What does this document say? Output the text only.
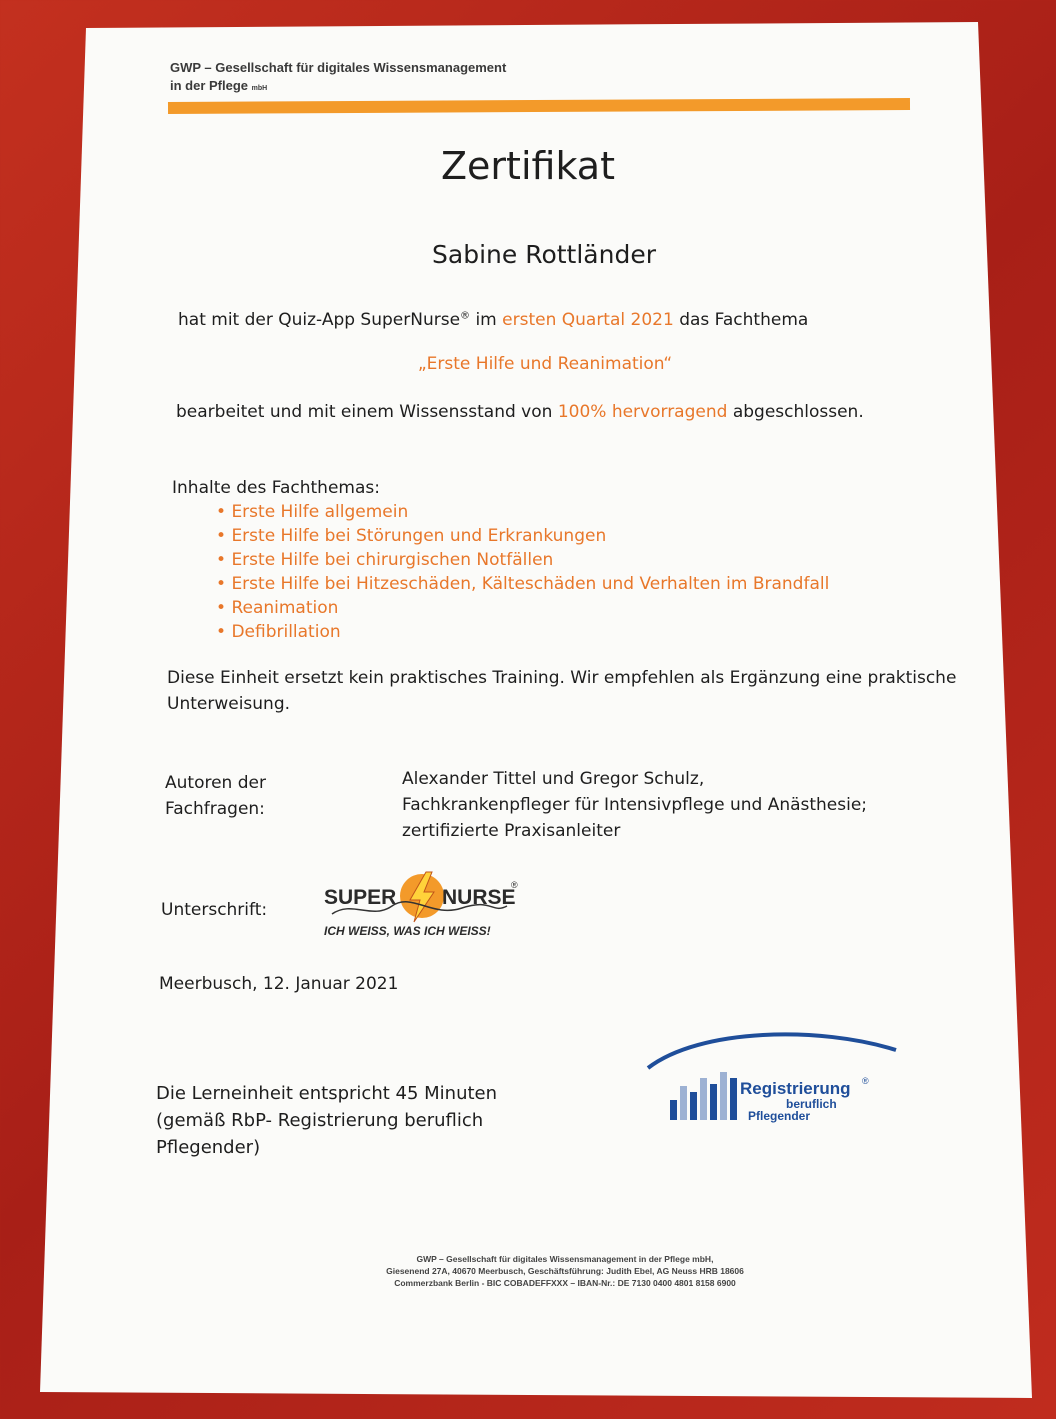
GWP – Gesellschaft für digitales Wissensmanagement

in der Pflege mbH

Zertifikat

Sabine Rottländer

hat mit der Quiz-App SuperNurse® im ersten Quartal 2021 das Fachthema

„Erste Hilfe und Reanimation“

bearbeitet und mit einem Wissensstand von 100% hervorragend abgeschlossen.

Inhalte des Fachthemas:

• Erste Hilfe allgemein
• Erste Hilfe bei Störungen und Erkrankungen
• Erste Hilfe bei chirurgischen Notfällen
• Erste Hilfe bei Hitzeschäden, Kälteschäden und Verhalten im Brandfall
• Reanimation
• Defibrillation

Diese Einheit ersetzt kein praktisches Training. Wir empfehlen als Ergänzung eine praktische Unterweisung.

Autoren der
Fachfragen:

Alexander Tittel und Gregor Schulz,
Fachkrankenpfleger für Intensivpflege und Anästhesie;
zertifizierte Praxisanleiter

Unterschrift:

SUPER NURSE
®
ICH WEISS, WAS ICH WEISS!

Meerbusch, 12. Januar 2021

Die Lerneinheit entspricht 45 Minuten
(gemäß RbP- Registrierung beruflich
Pflegender)

Registrierung ®
beruflich
Pflegender

GWP – Gesellschaft für digitales Wissensmanagement in der Pflege mbH,
Giesenend 27A, 40670 Meerbusch, Geschäftsführung: Judith Ebel, AG Neuss HRB 18606
Commerzbank Berlin - BIC COBADEFFXXX – IBAN-Nr.: DE 7130 0400 4801 8158 6900
